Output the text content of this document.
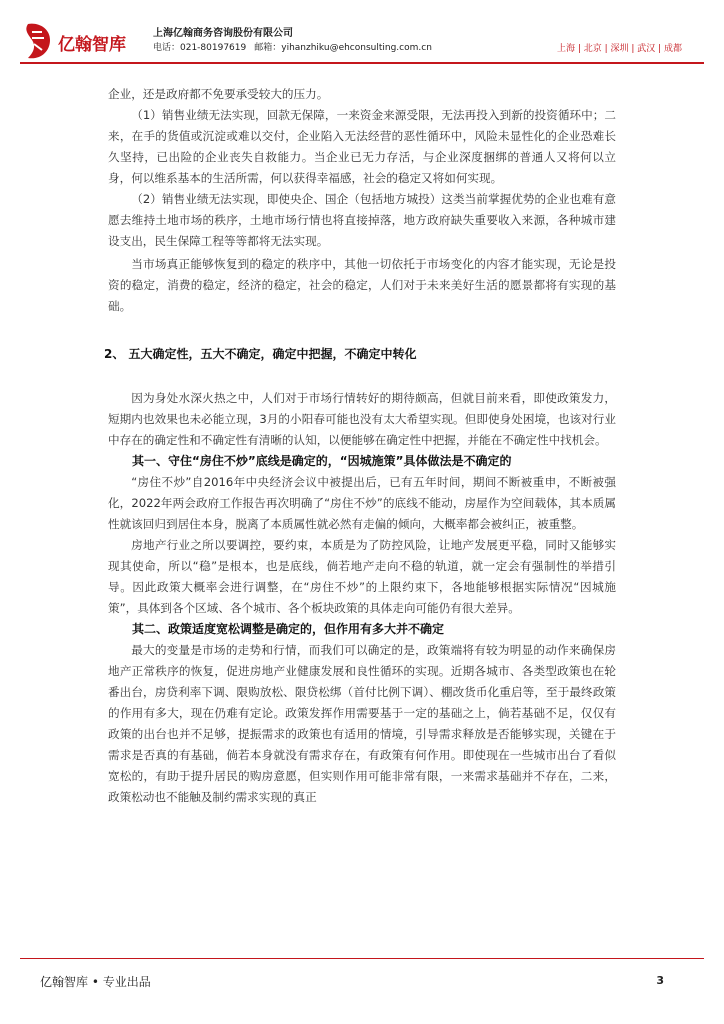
亿翰智库
上海亿翰商务咨询股份有限公司
电话：021-80197619 邮箱：yihanzhiku@ehconsulting.com.cn	上海 | 北京 | 深圳 | 武汉 | 成都

企业，还是政府都不免要承受较大的压力。

（1）销售业绩无法实现，回款无保障，一来资金来源受限，无法再投入到新的投资循环中；二来，在手的货值或沉淀或难以交付，企业陷入无法经营的恶性循环中，风险未显性化的企业恐难长久坚持，已出险的企业丧失自救能力。当企业已无力存活，与企业深度捆绑的普通人又将何以立身，何以维系基本的生活所需，何以获得幸福感，社会的稳定又将如何实现。

（2）销售业绩无法实现，即使央企、国企（包括地方城投）这类当前掌握优势的企业也难有意愿去维持土地市场的秩序，土地市场行情也将直接掉落，地方政府缺失重要收入来源，各种城市建设支出，民生保障工程等等都将无法实现。

当市场真正能够恢复到的稳定的秩序中，其他一切依托于市场变化的内容才能实现，无论是投资的稳定，消费的稳定，经济的稳定，社会的稳定，人们对于未来美好生活的愿景都将有实现的基础。

2、 五大确定性，五大不确定，确定中把握，不确定中转化

因为身处水深火热之中，人们对于市场行情转好的期待颇高，但就目前来看，即使政策发力，短期内也效果也未必能立现，3月的小阳春可能也没有太大希望实现。但即使身处困境，也该对行业中存在的确定性和不确定性有清晰的认知，以便能够在确定性中把握，并能在不确定性中找机会。

其一、守住“房住不炒”底线是确定的，“因城施策”具体做法是不确定的

“房住不炒”自2016年中央经济会议中被提出后，已有五年时间，期间不断被重申，不断被强化，2022年两会政府工作报告再次明确了“房住不炒”的底线不能动，房屋作为空间载体，其本质属性就该回归到居住本身，脱离了本质属性就必然有走偏的倾向，大概率都会被纠正，被重整。

房地产行业之所以要调控，要约束，本质是为了防控风险，让地产发展更平稳，同时又能够实现其使命，所以“稳”是根本，也是底线，倘若地产走向不稳的轨道，就一定会有强制性的举措引导。因此政策大概率会进行调整，在“房住不炒”的上限约束下，各地能够根据实际情况“因城施策”，具体到各个区域、各个城市、各个板块政策的具体走向可能仍有很大差异。

其二、政策适度宽松调整是确定的，但作用有多大并不确定

最大的变量是市场的走势和行情，而我们可以确定的是，政策端将有较为明显的动作来确保房地产正常秩序的恢复，促进房地产业健康发展和良性循环的实现。近期各城市、各类型政策也在轮番出台，房贷利率下调、限购放松、限贷松绑（首付比例下调）、棚改货币化重启等，至于最终政策的作用有多大，现在仍难有定论。政策发挥作用需要基于一定的基础之上，倘若基础不足，仅仅有政策的出台也并不足够，提振需求的政策也有适用的情境，引导需求释放是否能够实现，关键在于需求是否真的有基础，倘若本身就没有需求存在，有政策有何作用。即使现在一些城市出台了看似宽松的，有助于提升居民的购房意愿，但实则作用可能非常有限，一来需求基础并不存在，二来，政策松动也不能触及制约需求实现的真正

亿翰智库 • 专业出品	3
